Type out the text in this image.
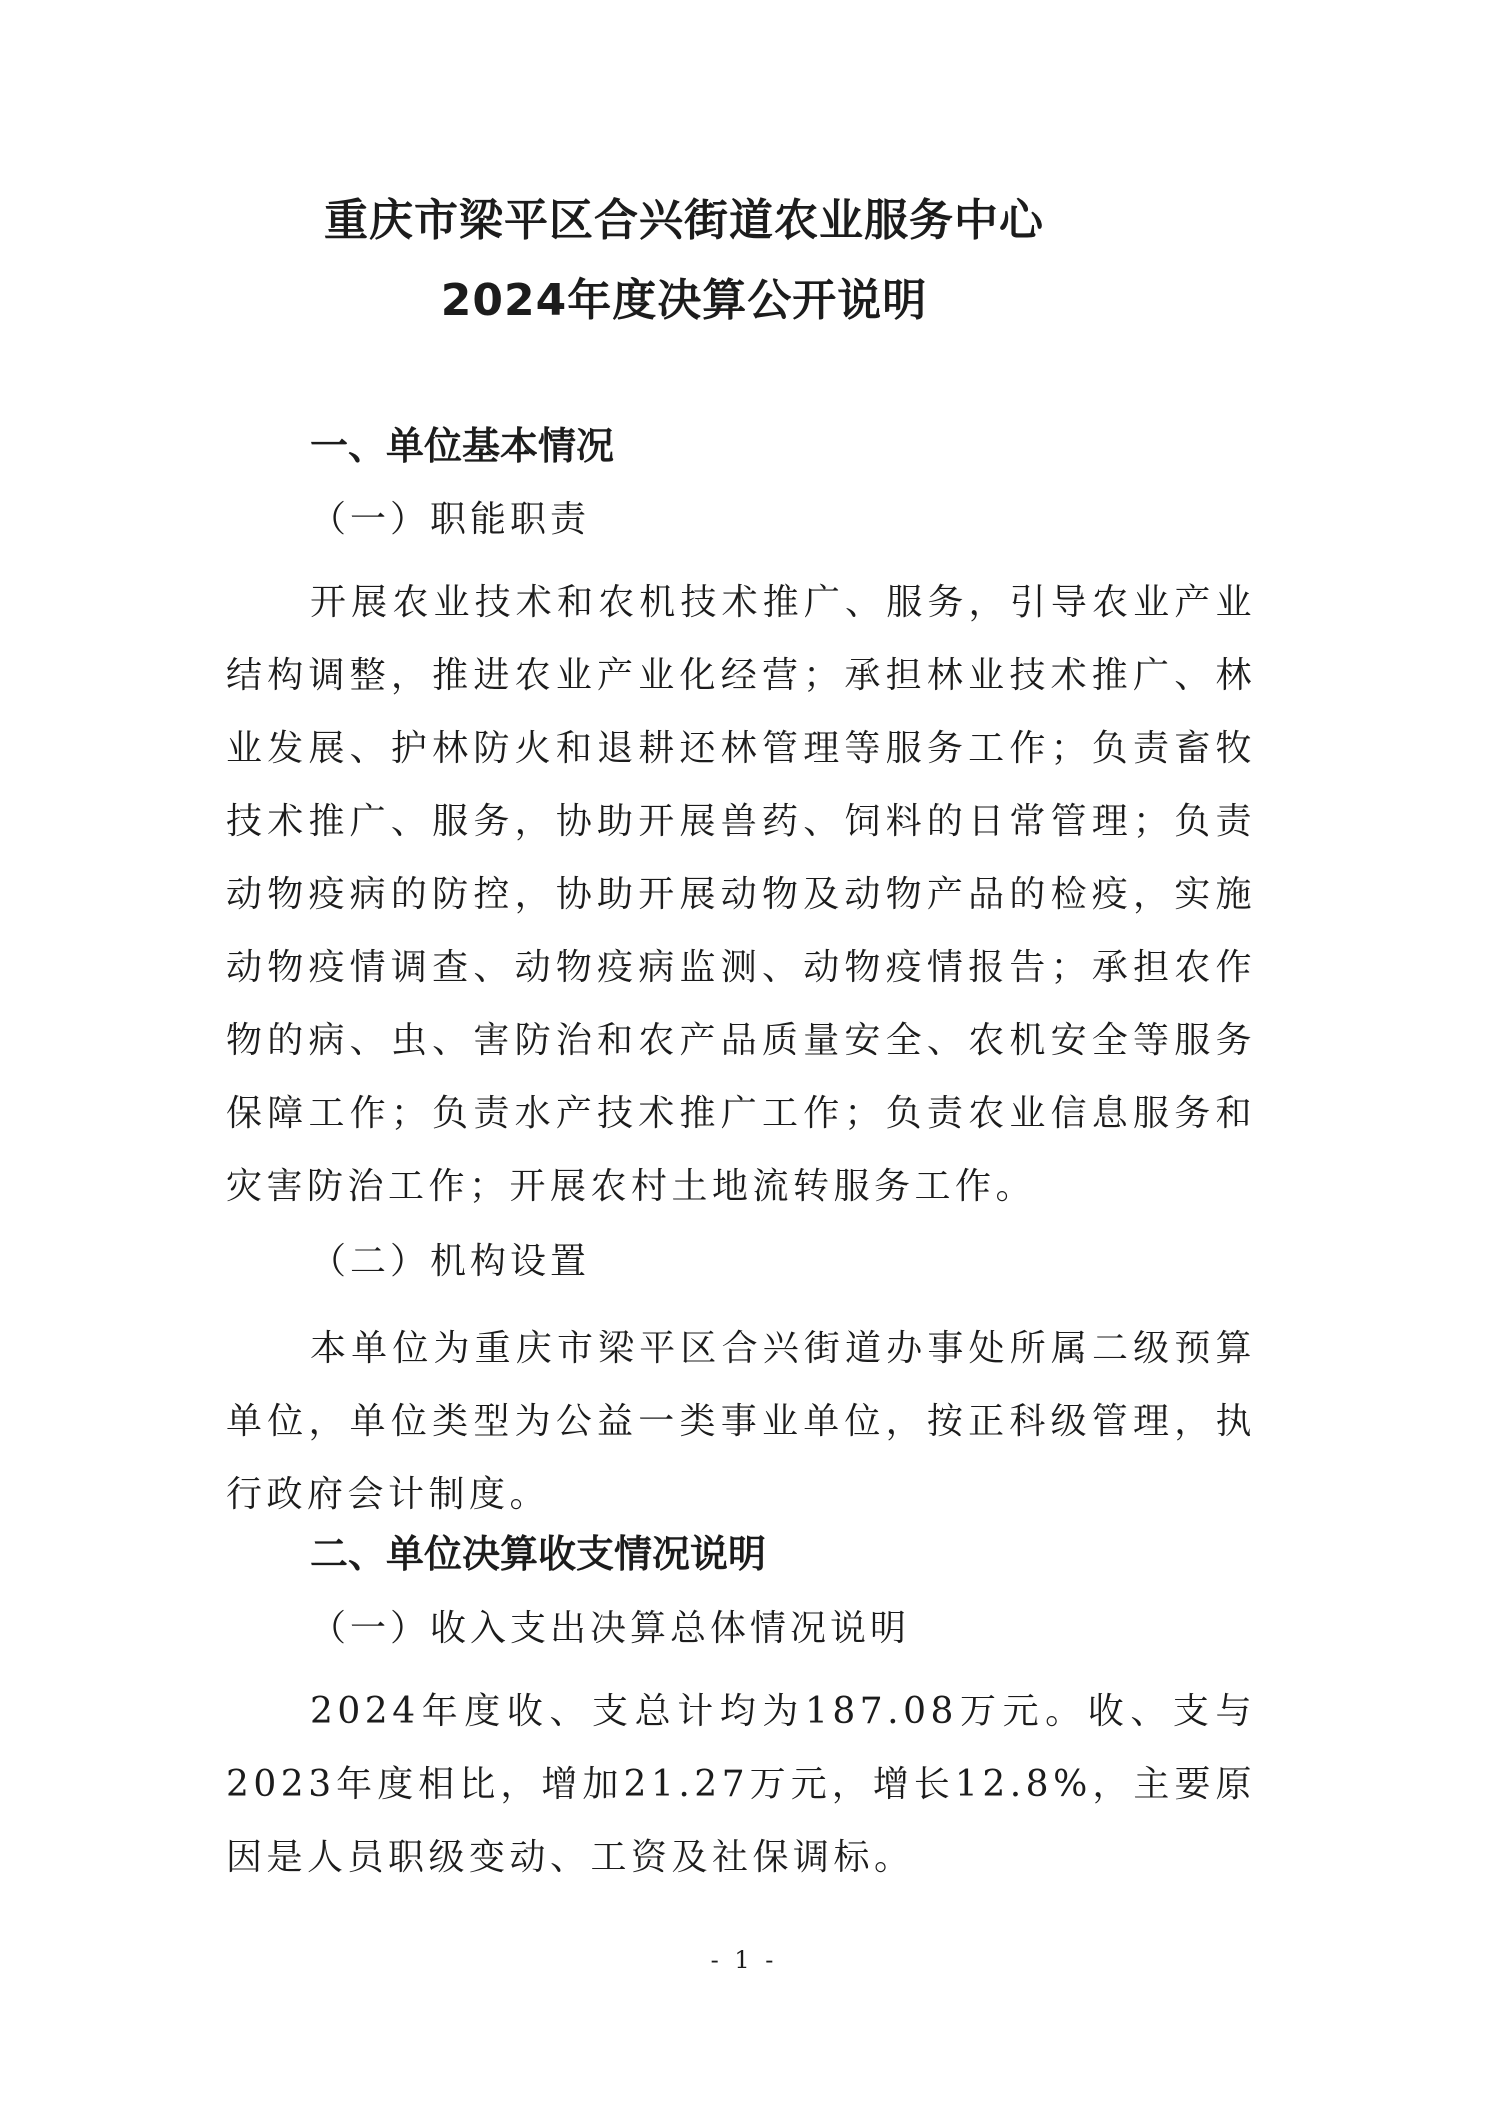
重庆市梁平区合兴街道农业服务中心
2024年度决算公开说明
一、单位基本情况
（一）职能职责
开展农业技术和农机技术推广、服务，引导农业产业结构调整，推进农业产业化经营；承担林业技术推广、林业发展、护林防火和退耕还林管理等服务工作；负责畜牧技术推广、服务，协助开展兽药、饲料的日常管理；负责动物疫病的防控，协助开展动物及动物产品的检疫，实施动物疫情调查、动物疫病监测、动物疫情报告；承担农作物的病、虫、害防治和农产品质量安全、农机安全等服务保障工作；负责水产技术推广工作；负责农业信息服务和灾害防治工作；开展农村土地流转服务工作。
（二）机构设置
本单位为重庆市梁平区合兴街道办事处所属二级预算单位，单位类型为公益一类事业单位，按正科级管理，执行政府会计制度。
二、单位决算收支情况说明
（一）收入支出决算总体情况说明
2024年度收、支总计均为187.08万元。收、支与2023年度相比，增加21.27万元，增长12.8%，主要原因是人员职级变动、工资及社保调标。
- 1 -
